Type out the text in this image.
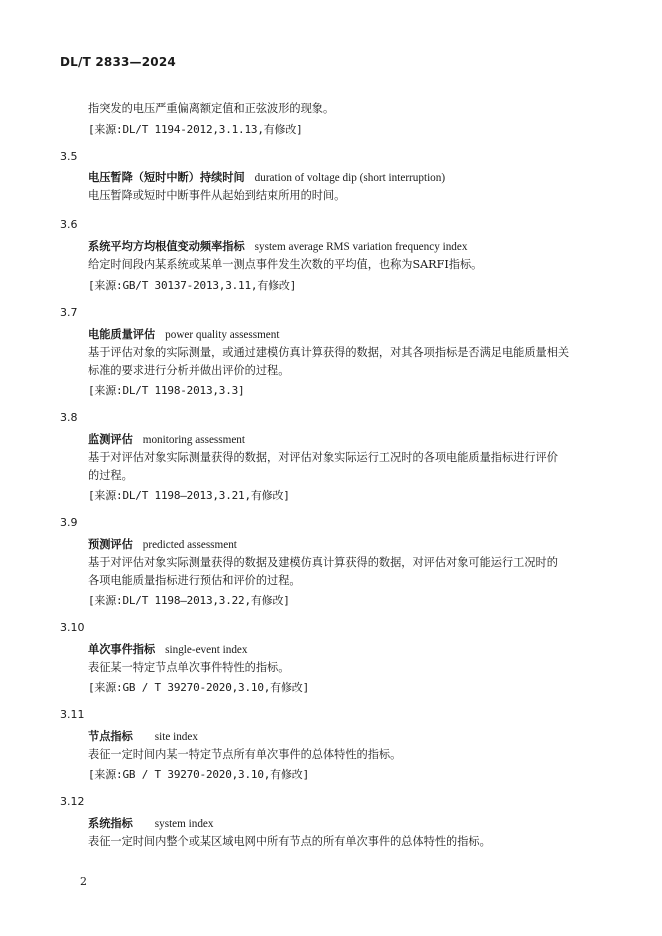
DL/T 2833—2024
指突发的电压严重偏离额定值和正弦波形的现象。
[来源:DL/T 1194-2012,3.1.13,有修改]
3.5
电压暂降（短时中断）持续时间 duration of voltage dip (short interruption)
电压暂降或短时中断事件从起始到结束所用的时间。
3.6
系统平均方均根值变动频率指标 system average RMS variation frequency index
给定时间段内某系统或某单一测点事件发生次数的平均值，也称为SARFI指标。
[来源:GB/T 30137-2013,3.11,有修改]
3.7
电能质量评估 power quality assessment
基于评估对象的实际测量，或通过建模仿真计算获得的数据，对其各项指标是否满足电能质量相关
标准的要求进行分析并做出评价的过程。
[来源:DL/T 1198-2013,3.3]
3.8
监测评估 monitoring assessment
基于对评估对象实际测量获得的数据，对评估对象实际运行工况时的各项电能质量指标进行评价
的过程。
[来源:DL/T 1198—2013,3.21,有修改]
3.9
预测评估 predicted assessment
基于对评估对象实际测量获得的数据及建模仿真计算获得的数据，对评估对象可能运行工况时的
各项电能质量指标进行预估和评价的过程。
[来源:DL/T 1198—2013,3.22,有修改]
3.10
单次事件指标 single-event index
表征某一特定节点单次事件特性的指标。
[来源:GB / T 39270-2020,3.10,有修改]
3.11
节点指标 site index
表征一定时间内某一特定节点所有单次事件的总体特性的指标。
[来源:GB / T 39270-2020,3.10,有修改]
3.12
系统指标 system index
表征一定时间内整个或某区域电网中所有节点的所有单次事件的总体特性的指标。
2
